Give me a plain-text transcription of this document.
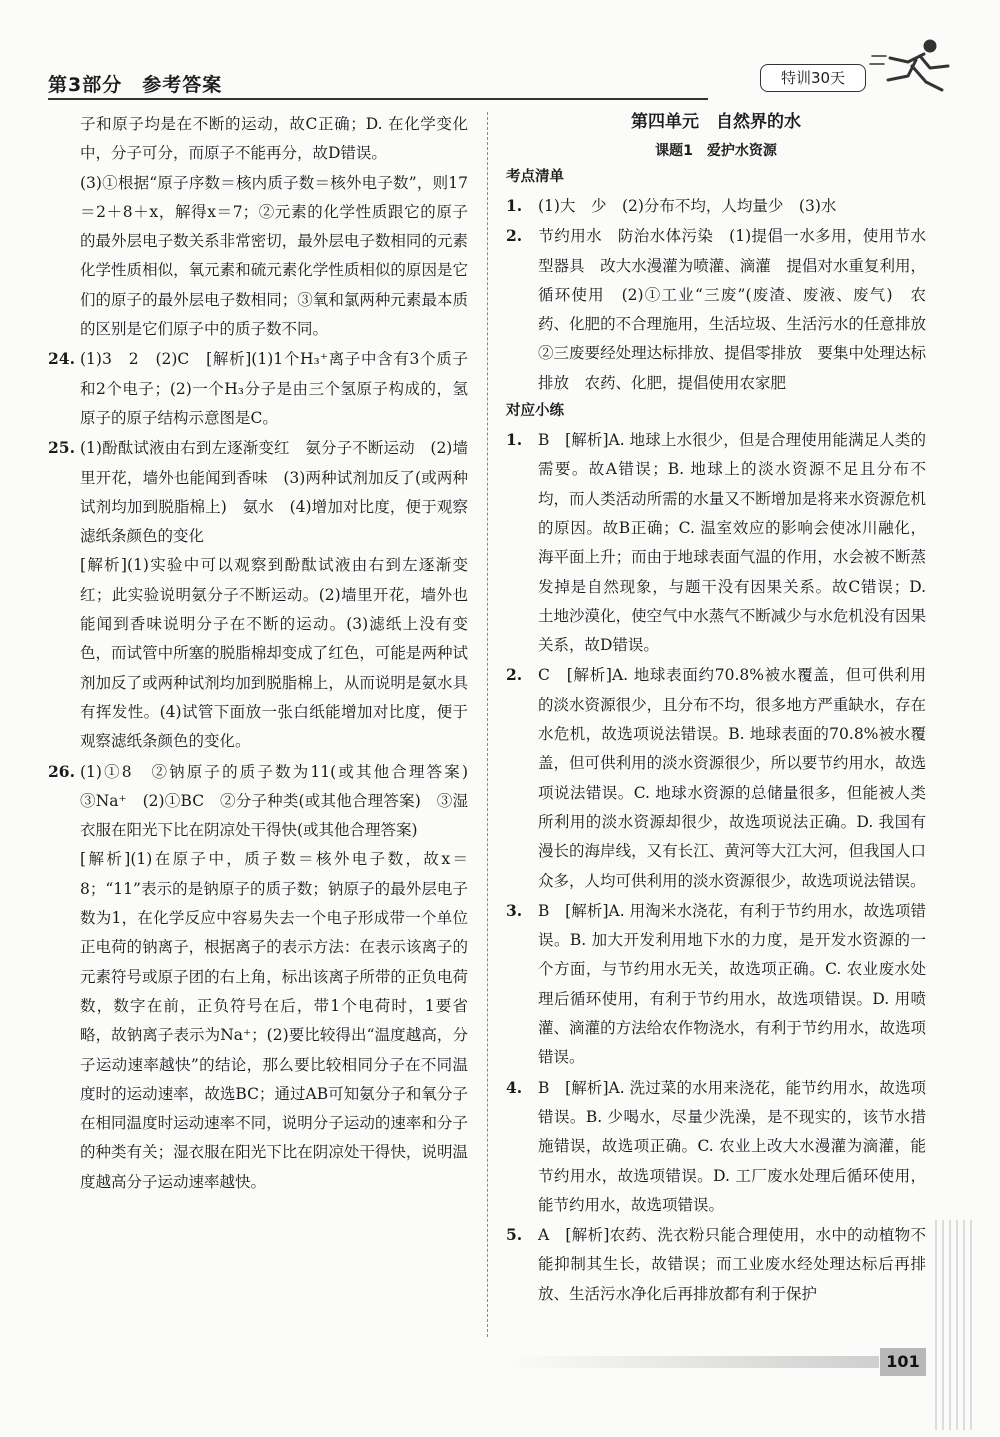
第3部分　参考答案	特训30天

子和原子均是在不断的运动，故C正确；D. 在化学变化中，分子可分，而原子不能再分，故D错误。

(3)①根据“原子序数＝核内质子数＝核外电子数”，则17＝2＋8＋x，解得x＝7；②元素的化学性质跟它的原子的最外层电子数关系非常密切，最外层电子数相同的元素化学性质相似，氧元素和硫元素化学性质相似的原因是它们的原子的最外层电子数相同；③氧和氯两种元素最本质的区别是它们原子中的质子数不同。

24. (1)3　2　(2)C　[解析](1)1个H₃⁺离子中含有3个质子和2个电子；(2)一个H₃分子是由三个氢原子构成的，氢原子的原子结构示意图是C。

25. (1)酚酞试液由右到左逐渐变红　氨分子不断运动　(2)墙里开花，墙外也能闻到香味　(3)两种试剂加反了(或两种试剂均加到脱脂棉上)　氨水　(4)增加对比度，便于观察滤纸条颜色的变化

[解析](1)实验中可以观察到酚酞试液由右到左逐渐变红；此实验说明氨分子不断运动。(2)墙里开花，墙外也能闻到香味说明分子在不断的运动。(3)滤纸上没有变色，而试管中所塞的脱脂棉却变成了红色，可能是两种试剂加反了或两种试剂均加到脱脂棉上，从而说明是氨水具有挥发性。(4)试管下面放一张白纸能增加对比度，便于观察滤纸条颜色的变化。

26. (1)①8　②钠原子的质子数为11(或其他合理答案)　③Na⁺　(2)①BC　②分子种类(或其他合理答案)　③湿衣服在阳光下比在阴凉处干得快(或其他合理答案)

[解析](1)在原子中，质子数＝核外电子数，故x＝8；“11”表示的是钠原子的质子数；钠原子的最外层电子数为1，在化学反应中容易失去一个电子形成带一个单位正电荷的钠离子，根据离子的表示方法：在表示该离子的元素符号或原子团的右上角，标出该离子所带的正负电荷数，数字在前，正负符号在后，带1个电荷时，1要省略，故钠离子表示为Na⁺；(2)要比较得出“温度越高，分子运动速率越快”的结论，那么要比较相同分子在不同温度时的运动速率，故选BC；通过AB可知氨分子和氧分子在相同温度时运动速率不同，说明分子运动的速率和分子的种类有关；湿衣服在阳光下比在阴凉处干得快，说明温度越高分子运动速率越快。

第四单元　自然界的水
课题1　爱护水资源
考点清单

1. (1)大　少　(2)分布不均，人均量少　(3)水

2. 节约用水　防治水体污染　(1)提倡一水多用，使用节水型器具　改大水漫灌为喷灌、滴灌　提倡对水重复利用，循环使用　(2)①工业“三废”(废渣、废液、废气)　农药、化肥的不合理施用，生活垃圾、生活污水的任意排放　②三废要经处理达标排放、提倡零排放　要集中处理达标排放　农药、化肥，提倡使用农家肥

对应小练

1. B　[解析]A. 地球上水很少，但是合理使用能满足人类的需要。故A错误；B. 地球上的淡水资源不足且分布不均，而人类活动所需的水量又不断增加是将来水资源危机的原因。故B正确；C. 温室效应的影响会使冰川融化，海平面上升；而由于地球表面气温的作用，水会被不断蒸发掉是自然现象，与题干没有因果关系。故C错误；D. 土地沙漠化，使空气中水蒸气不断减少与水危机没有因果关系，故D错误。

2. C　[解析]A. 地球表面约70.8%被水覆盖，但可供利用的淡水资源很少，且分布不均，很多地方严重缺水，存在水危机，故选项说法错误。B. 地球表面的70.8%被水覆盖，但可供利用的淡水资源很少，所以要节约用水，故选项说法错误。C. 地球水资源的总储量很多，但能被人类所利用的淡水资源却很少，故选项说法正确。D. 我国有漫长的海岸线，又有长江、黄河等大江大河，但我国人口众多，人均可供利用的淡水资源很少，故选项说法错误。

3. B　[解析]A. 用淘米水浇花，有利于节约用水，故选项错误。B. 加大开发利用地下水的力度，是开发水资源的一个方面，与节约用水无关，故选项正确。C. 农业废水处理后循环使用，有利于节约用水，故选项错误。D. 用喷灌、滴灌的方法给农作物浇水，有利于节约用水，故选项错误。

4. B　[解析]A. 洗过菜的水用来浇花，能节约用水，故选项错误。B. 少喝水，尽量少洗澡，是不现实的，该节水措施错误，故选项正确。C. 农业上改大水漫灌为滴灌，能节约用水，故选项错误。D. 工厂废水处理后循环使用，能节约用水，故选项错误。

5. A　[解析]农药、洗衣粉只能合理使用，水中的动植物不能抑制其生长，故错误；而工业废水经处理达标后再排放、生活污水净化后再排放都有利于保护

101
